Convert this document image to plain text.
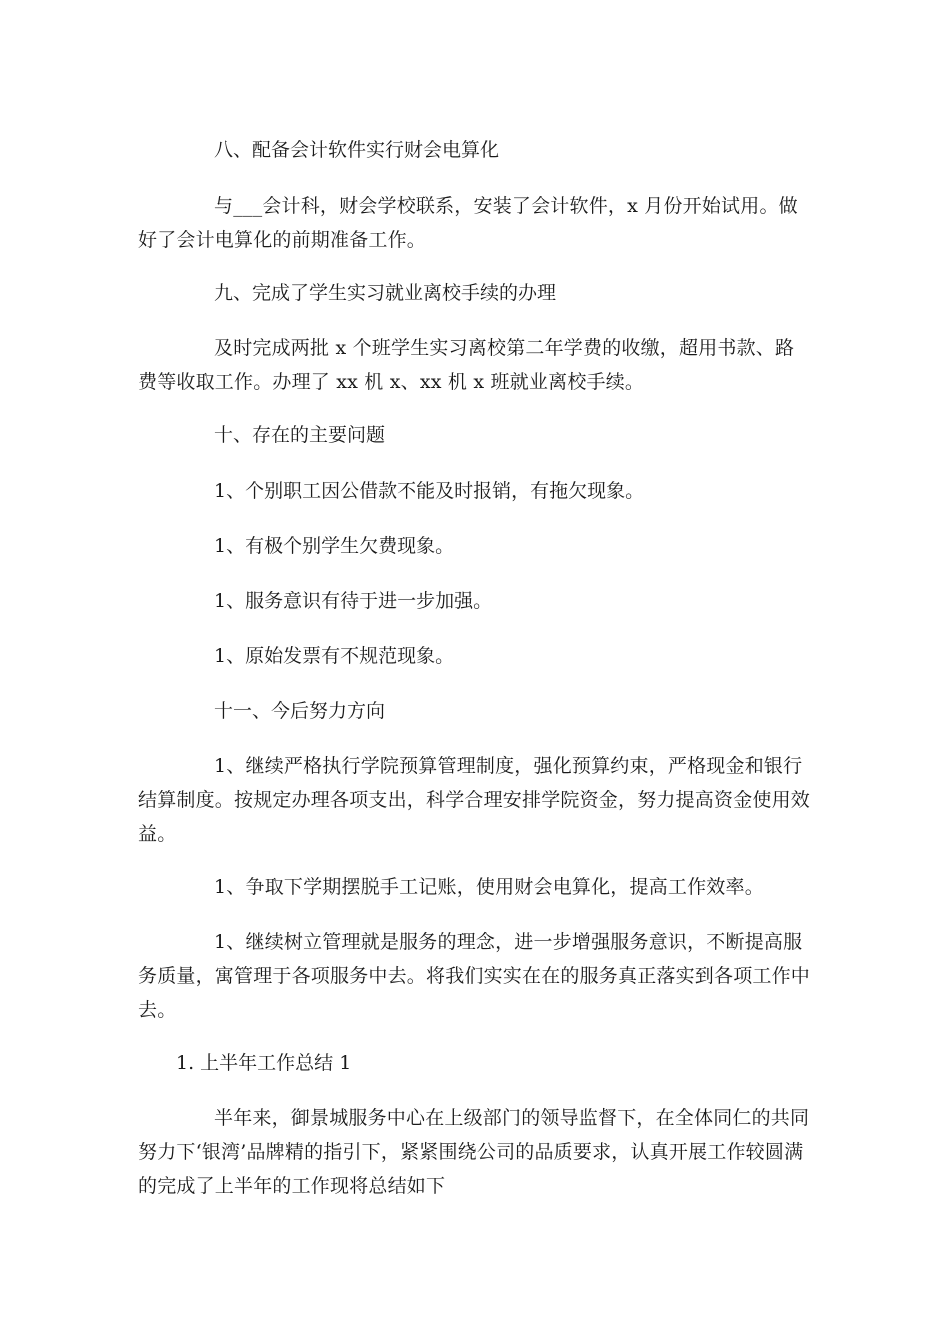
八、配备会计软件实行财会电算化

与___会计科，财会学校联系，安装了会计软件，x 月份开始试用。做好了会计电算化的前期准备工作。

九、完成了学生实习就业离校手续的办理

及时完成两批 x 个班学生实习离校第二年学费的收缴，超用书款、路费等收取工作。办理了 xx 机 x、xx 机 x 班就业离校手续。

十、存在的主要问题

1、个别职工因公借款不能及时报销，有拖欠现象。

1、有极个别学生欠费现象。

1、服务意识有待于进一步加强。

1、原始发票有不规范现象。

十一、今后努力方向

1、继续严格执行学院预算管理制度，强化预算约束，严格现金和银行结算制度。按规定办理各项支出，科学合理安排学院资金，努力提高资金使用效益。

1、争取下学期摆脱手工记账，使用财会电算化，提高工作效率。

1、继续树立管理就是服务的理念，进一步增强服务意识，不断提高服务质量，寓管理于各项服务中去。将我们实实在在的服务真正落实到各项工作中去。

1. 上半年工作总结 1

半年来，御景城服务中心在上级部门的领导监督下，在全体同仁的共同努力下‘银湾’品牌精的指引下，紧紧围绕公司的品质要求，认真开展工作较圆满的完成了上半年的工作现将总结如下
